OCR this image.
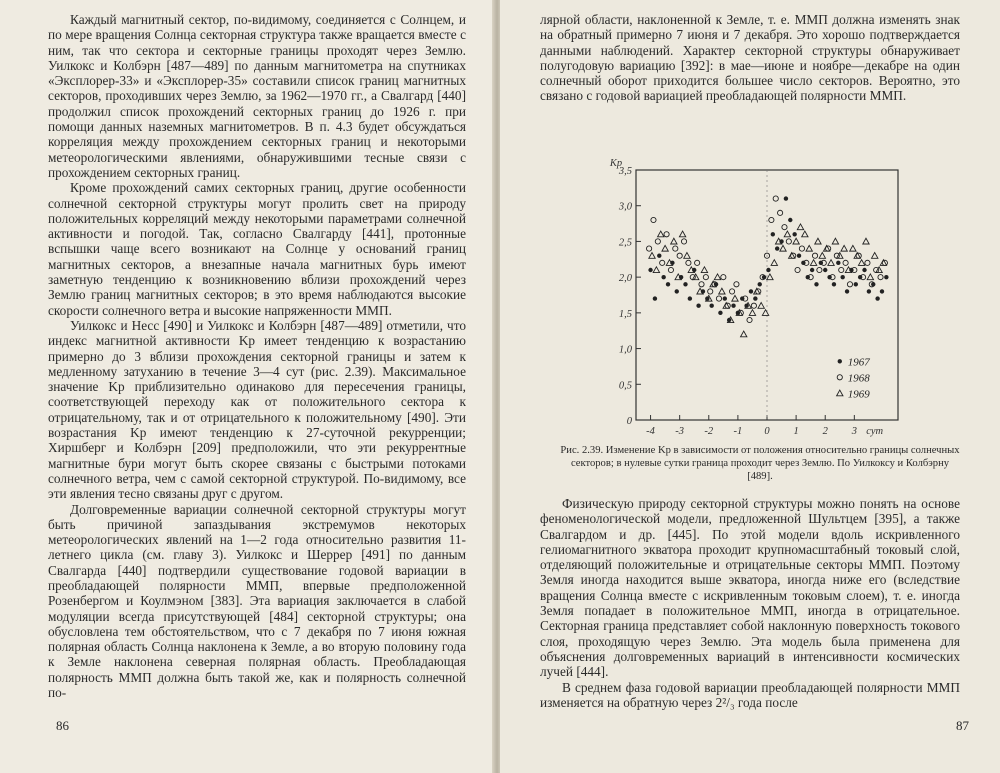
Каждый магнитный сектор, по-видимому, соединяется с Солнцем, и по мере вращения Солнца секторная структура также вращается вместе с ним, так что сектора и секторные границы проходят через Землю. Уилкокс и Колбэрн [487—489] по данным магнитометра на спутниках «Эксплорер-33» и «Эксплорер-35» составили список границ магнитных секторов, проходивших через Землю, за 1962—1970 гг., а Свалгард [440] продолжил список прохождений секторных границ до 1926 г. при помощи данных наземных магнитометров. В п. 4.3 будет обсуждаться корреляция между прохождением секторных границ и некоторыми метеорологическими явлениями, обнаружившими тесные связи с прохождением секторных границ.

Кроме прохождений самих секторных границ, другие особенности солнечной секторной структуры могут пролить свет на природу положительных корреляций между некоторыми параметрами солнечной активности и погодой. Так, согласно Свалгарду [441], протонные вспышки чаще всего возникают на Солнце у оснований границ магнитных секторов, а внезапные начала магнитных бурь имеют заметную тенденцию к возникновению вблизи прохождений через Землю границ магнитных секторов; в это время наблюдаются высокие скорости солнечного ветра и высокие напряженности ММП.

Уилкокс и Несс [490] и Уилкокс и Колбэрн [487—489] отметили, что индекс магнитной активности Kр имеет тенденцию к возрастанию примерно до 3 вблизи прохождения секторной границы и затем к медленному затуханию в течение 3—4 сут (рис. 2.39). Максимальное значение Kр приблизительно одинаково для пересечения границы, соответствующей переходу как от положительного сектора к отрицательному, так и от отрицательного к положительному [490]. Эти возрастания Kр имеют тенденцию к 27-суточной рекурренции; Хиршберг и Колбэрн [209] предположили, что эти рекуррентные магнитные бури могут быть скорее связаны с быстрыми потоками солнечного ветра, чем с самой секторной структурой. По-видимому, все эти явления тесно связаны друг с другом.

Долговременные вариации солнечной секторной структуры могут быть причиной запаздывания экстремумов некоторых метеорологических явлений на 1—2 года относительно развития 11-летнего цикла (см. главу 3). Уилкокс и Шеррер [491] по данным Свалгарда [440] подтвердили существование годовой вариации в преобладающей полярности ММП, впервые предположенной Розенбергом и Коулмэном [383]. Эта вариация заключается в слабой модуляции всегда присутствующей [484] секторной структуры; она обусловлена тем обстоятельством, что с 7 декабря по 7 июня южная полярная область Солнца наклонена к Земле, а во вторую половину года к Земле наклонена северная полярная область. Преобладающая полярность ММП должна быть такой же, как и полярность солнечной по-

86

лярной области, наклоненной к Земле, т. е. ММП должна изменять знак на обратный примерно 7 июня и 7 декабря. Это хорошо подтверждается данными наблюдений. Характер секторной структуры обнаруживает полугодовую вариацию [392]: в мае—июне и ноябре—декабре на один солнечный оборот приходится большее число секторов. Вероятно, это связано с годовой вариацией преобладающей полярности ММП.

0
0,5
1,0
1,5
2,0
2,5
3,0
3,5
-4 -3 -2 -1 0 1 2 3 сут
Kp
1967
1968
1969
Рис. 2.39. Изменение Kр в зависимости от положения относительно границы солнечных секторов; в нулевые сутки граница проходит через Землю. По Уилкоксу и Колбэрну [489].

Физическую природу секторной структуры можно понять на основе феноменологической модели, предложенной Шультцем [395], а также Свалгардом и др. [445]. По этой модели вдоль искривленного гелиомагнитного экватора проходит крупномасштабный токовый слой, отделяющий положительные и отрицательные секторы ММП. Поэтому Земля иногда находится выше экватора, иногда ниже его (вследствие вращения Солнца вместе с искривленным токовым слоем), т. е. иногда Земля попадает в положительное ММП, иногда в отрицательное. Секторная граница представляет собой наклонную поверхность токового слоя, проходящую через Землю. Эта модель была применена для объяснения долговременных вариаций в интенсивности космических лучей [444].

В среднем фаза годовой вариации преобладающей полярности ММП изменяется на обратную через 2²/₃ года после

87
